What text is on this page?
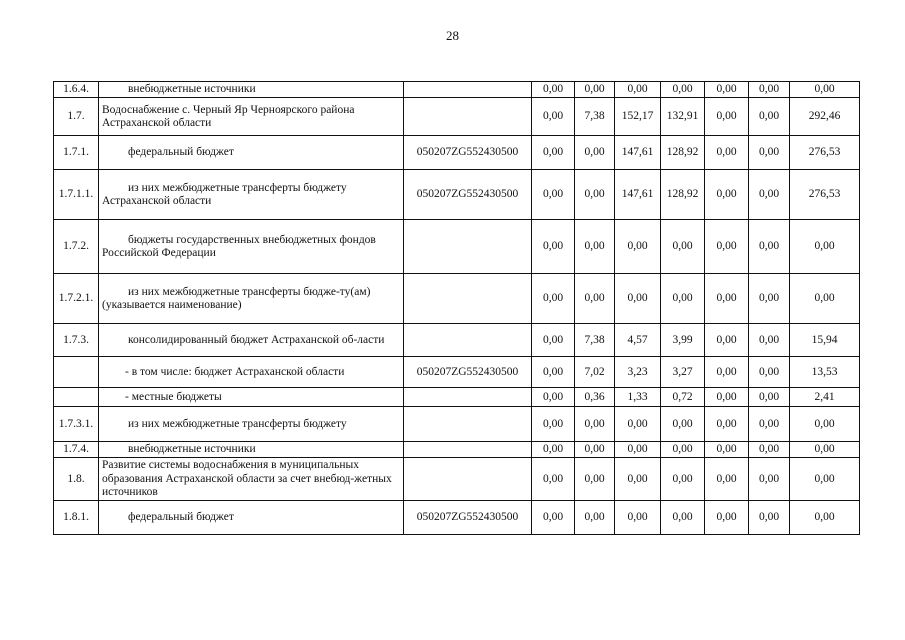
28
1.6.4.	внебюджетные источники		0,00	0,00	0,00	0,00	0,00	0,00	0,00
1.7.	Водоснабжение с. Черный Яр Черноярского района Астраханской области		0,00	7,38	152,17	132,91	0,00	0,00	292,46
1.7.1.	федеральный бюджет	050207ZG552430500	0,00	0,00	147,61	128,92	0,00	0,00	276,53
1.7.1.1.	из них межбюджетные трансферты бюджету Астраханской области	050207ZG552430500	0,00	0,00	147,61	128,92	0,00	0,00	276,53
1.7.2.	бюджеты государственных внебюджетных фондов Российской Федерации		0,00	0,00	0,00	0,00	0,00	0,00	0,00
1.7.2.1.	из них межбюджетные трансферты бюдже-ту(ам) (указывается наименование)		0,00	0,00	0,00	0,00	0,00	0,00	0,00
1.7.3.	консолидированный бюджет Астраханской об-ласти		0,00	7,38	4,57	3,99	0,00	0,00	15,94
	- в том числе: бюджет Астраханской области	050207ZG552430500	0,00	7,02	3,23	3,27	0,00	0,00	13,53
	- местные бюджеты		0,00	0,36	1,33	0,72	0,00	0,00	2,41
1.7.3.1.	из них межбюджетные трансферты бюджету		0,00	0,00	0,00	0,00	0,00	0,00	0,00
1.7.4.	внебюджетные источники		0,00	0,00	0,00	0,00	0,00	0,00	0,00
1.8.	Развитие системы водоснабжения в муниципальных образования Астраханской области за счет внебюд-жетных источников		0,00	0,00	0,00	0,00	0,00	0,00	0,00
1.8.1.	федеральный бюджет	050207ZG552430500	0,00	0,00	0,00	0,00	0,00	0,00	0,00
